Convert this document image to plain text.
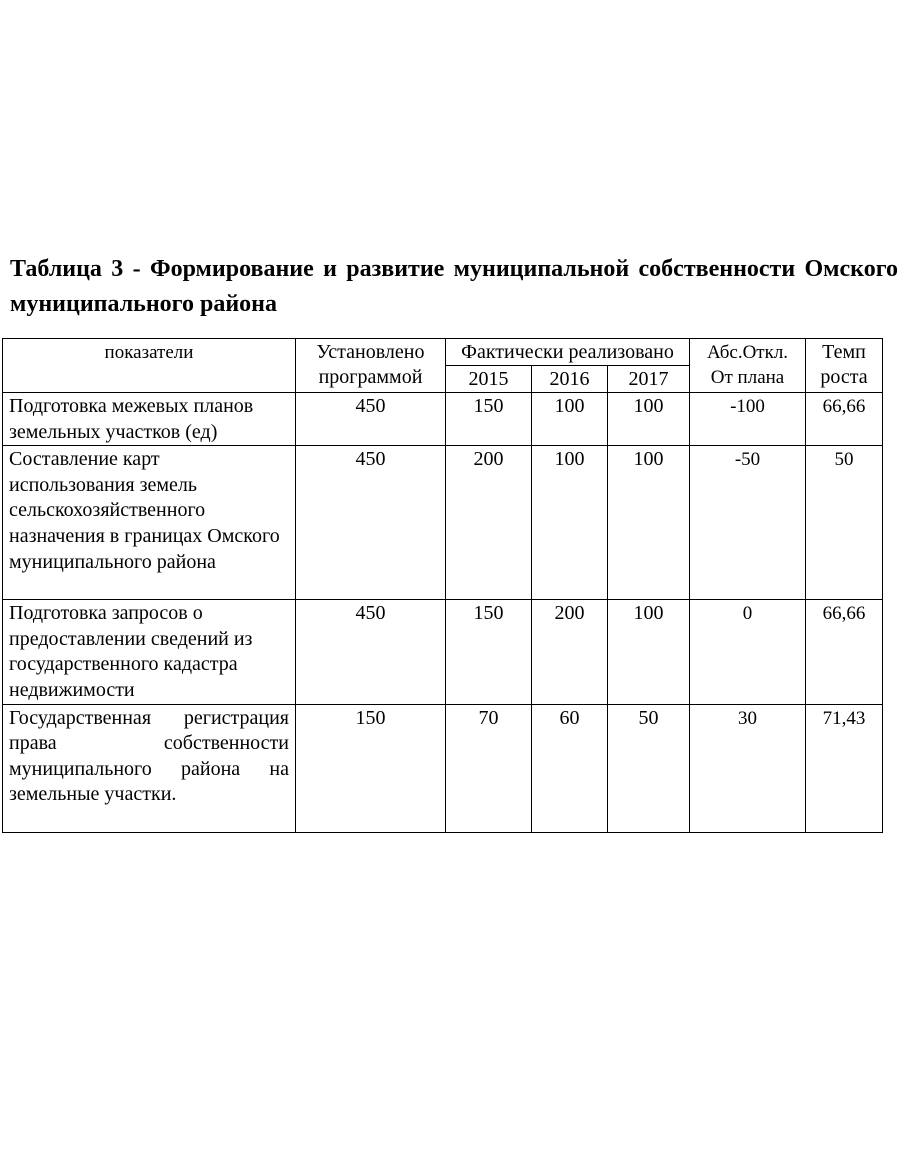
Таблица 3 - Формирование и развитие муниципальной собственности Омского муниципального района
показатели	Установлено программой	Фактически реализовано			Абс.Откл. От плана	Темп роста
		2015	2016	2017		
Подготовка межевых планов земельных участков (ед)	450	150	100	100	-100	66,66
Составление карт использования земель сельскохозяйственного назначения в границах Омского муниципального района	450	200	100	100	-50	50
Подготовка запросов о предоставлении сведений из государственного кадастра недвижимости	450	150	200	100	0	66,66
Государственная регистрация права собственности муниципального района на земельные участки.	150	70	60	50	30	71,43
